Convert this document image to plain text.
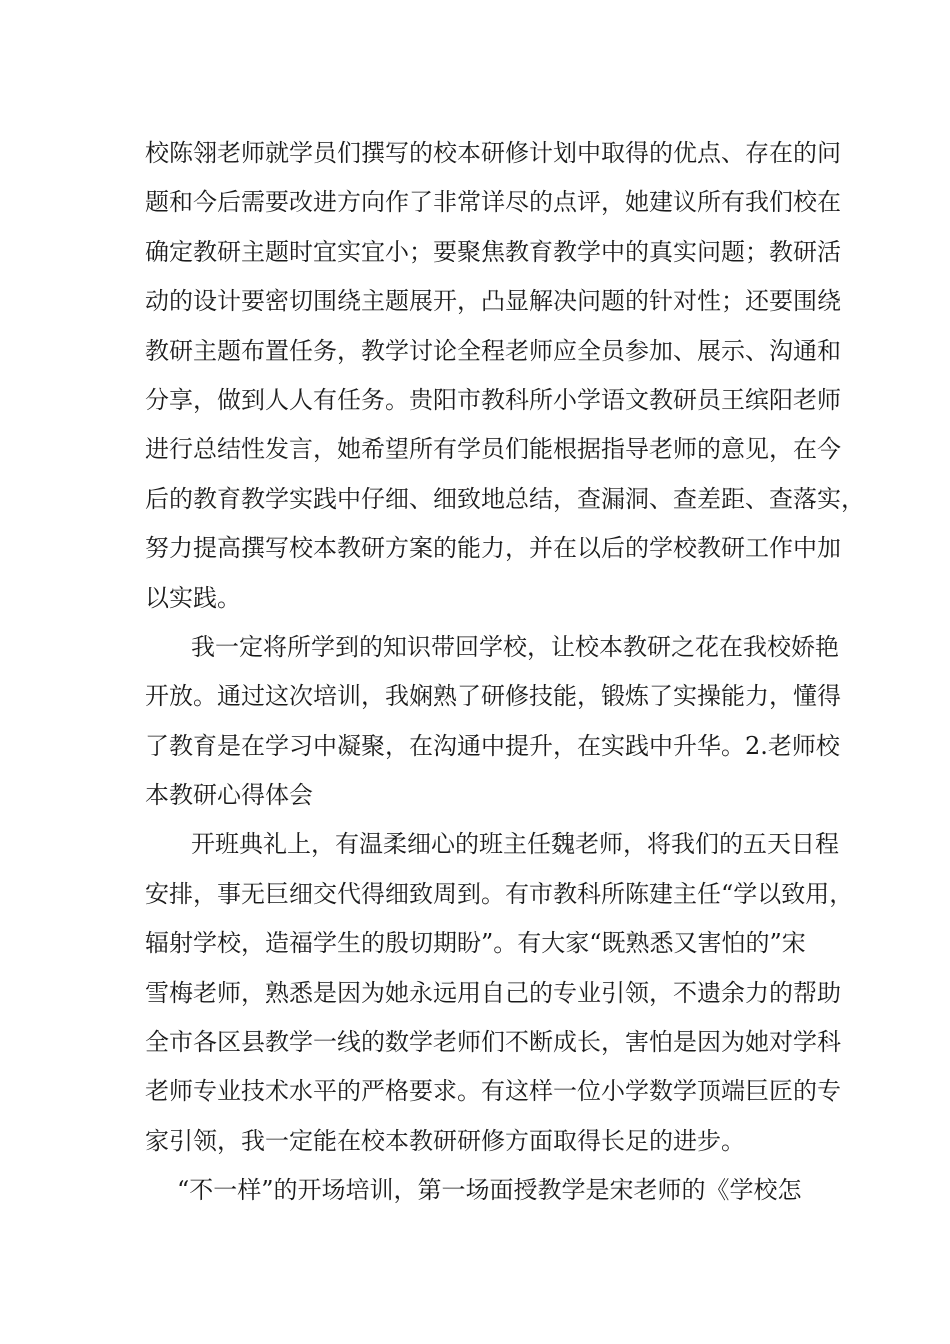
校陈翎老师就学员们撰写的校本研修计划中取得的优点、存在的问
题和今后需要改进方向作了非常详尽的点评，她建议所有我们校在
确定教研主题时宜实宜小；要聚焦教育教学中的真实问题；教研活
动的设计要密切围绕主题展开，凸显解决问题的针对性；还要围绕
教研主题布置任务，教学讨论全程老师应全员参加、展示、沟通和
分享，做到人人有任务。贵阳市教科所小学语文教研员王缤阳老师
进行总结性发言，她希望所有学员们能根据指导老师的意见，在今
后的教育教学实践中仔细、细致地总结，查漏洞、查差距、查落实，
努力提高撰写校本教研方案的能力，并在以后的学校教研工作中加
以实践。
我一定将所学到的知识带回学校，让校本教研之花在我校娇艳
开放。通过这次培训，我娴熟了研修技能，锻炼了实操能力，懂得
了教育是在学习中凝聚，在沟通中提升，在实践中升华。2.老师校
本教研心得体会
开班典礼上，有温柔细心的班主任魏老师，将我们的五天日程
安排，事无巨细交代得细致周到。有市教科所陈建主任“学以致用，
辐射学校，造福学生的殷切期盼”。有大家“既熟悉又害怕的”宋
雪梅老师，熟悉是因为她永远用自己的专业引领，不遗余力的帮助
全市各区县教学一线的数学老师们不断成长，害怕是因为她对学科
老师专业技术水平的严格要求。有这样一位小学数学顶端巨匠的专
家引领，我一定能在校本教研研修方面取得长足的进步。
“不一样”的开场培训，第一场面授教学是宋老师的《学校怎
